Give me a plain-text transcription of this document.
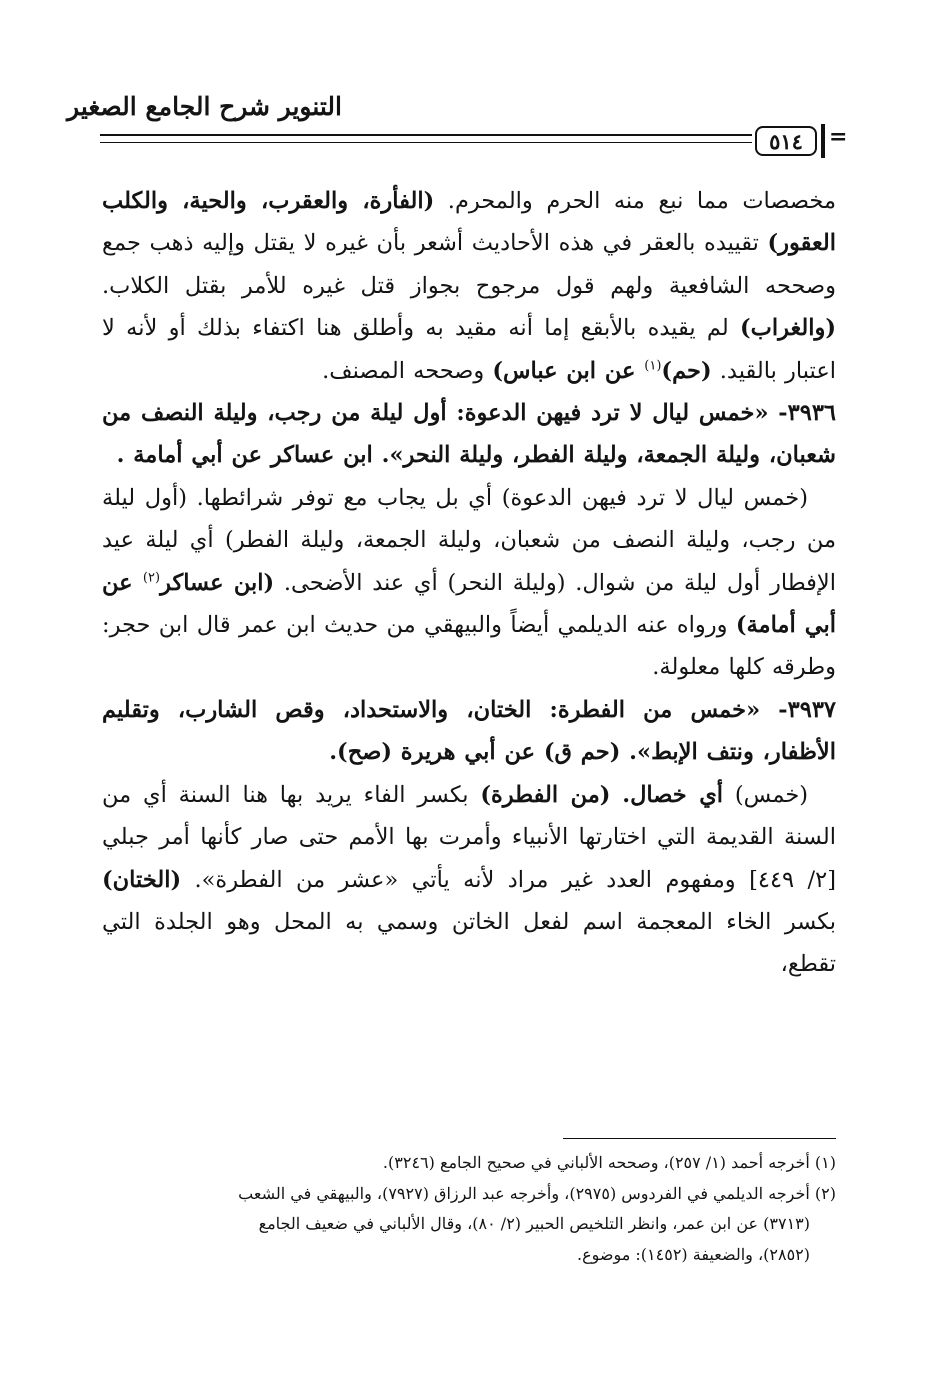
التنوير شرح الجامع الصغير
٥١٤ =

مخصصات مما نبع منه الحرم والمحرم. (الفأرة، والعقرب، والحية، والكلب العقور) تقييده بالعقر في هذه الأحاديث أشعر بأن غيره لا يقتل وإليه ذهب جمع وصححه الشافعية ولهم قول مرجوح بجواز قتل غيره للأمر بقتل الكلاب. (والغراب) لم يقيده بالأبقع إما أنه مقيد به وأطلق هنا اكتفاء بذلك أو لأنه لا اعتبار بالقيد. (حم)$^{(١)}$ عن ابن عباس) وصححه المصنف.

٣٩٣٦- «خمس ليال لا ترد فيهن الدعوة: أول ليلة من رجب، وليلة النصف من شعبان، وليلة الجمعة، وليلة الفطر، وليلة النحر». ابن عساكر عن أبي أمامة .

(خمس ليال لا ترد فيهن الدعوة) أي بل يجاب مع توفر شرائطها. (أول ليلة من رجب، وليلة النصف من شعبان، وليلة الجمعة، وليلة الفطر) أي ليلة عيد الإفطار أول ليلة من شوال. (وليلة النحر) أي عند الأضحى. (ابن عساكر$^{(٢)}$ عن أبي أمامة) ورواه عنه الديلمي أيضاً والبيهقي من حديث ابن عمر قال ابن حجر: وطرقه كلها معلولة.

٣٩٣٧- «خمس من الفطرة: الختان، والاستحداد، وقص الشارب، وتقليم الأظفار، ونتف الإبط». (حم ق) عن أبي هريرة (صح).

(خمس) أي خصال. (من الفطرة) بكسر الفاء يريد بها هنا السنة أي من السنة القديمة التي اختارتها الأنبياء وأمرت بها الأمم حتى صار كأنها أمر جبلي [٢/ ٤٤٩] ومفهوم العدد غير مراد لأنه يأتي «عشر من الفطرة». (الختان) بكسر الخاء المعجمة اسم لفعل الخاتن وسمي به المحل وهو الجلدة التي تقطع،

(١) أخرجه أحمد (١/ ٢٥٧)، وصححه الألباني في صحيح الجامع (٣٢٤٦).

(٢) أخرجه الديلمي في الفردوس (٢٩٧٥)، وأخرجه عبد الرزاق (٧٩٢٧)، والبيهقي في الشعب

(٣٧١٣) عن ابن عمر، وانظر التلخيص الحبير (٢/ ٨٠)، وقال الألباني في ضعيف الجامع

(٢٨٥٢)، والضعيفة (١٤٥٢): موضوع.
